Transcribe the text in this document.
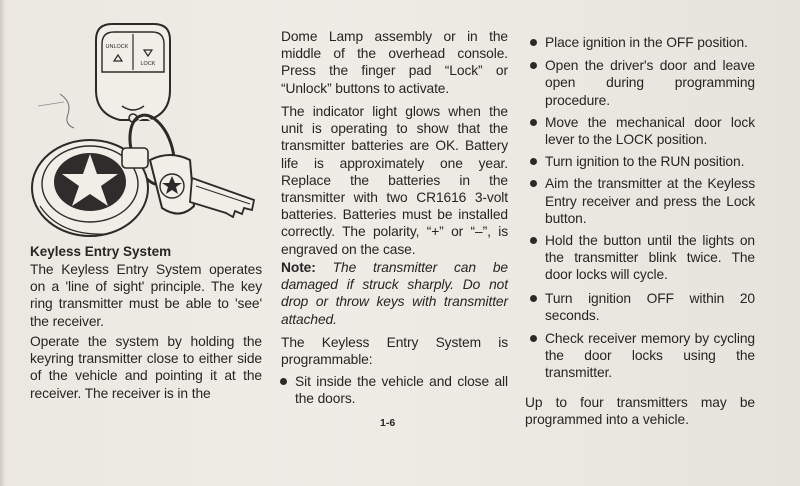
UNLOCK
LOCK
Keyless Entry System

The Keyless Entry System operates on a 'line of sight' principle. The key ring transmitter must be able to 'see' the receiver.

Operate the system by holding the keyring transmitter close to either side of the vehicle and pointing it at the receiver. The receiver is in the

Dome Lamp assembly or in the middle of the overhead console. Press the finger pad “Lock” or “Unlock” buttons to activate.

The indicator light glows when the unit is operating to show that the transmitter batteries are OK. Battery life is approximately one year. Replace the batteries in the transmitter with two CR1616 3-volt batteries. Batteries must be installed correctly. The polarity, “+” or “–”, is engraved on the case.

Note: The transmitter can be damaged if struck sharply. Do not drop or throw keys with transmitter attached.

The Keyless Entry System is programmable:

Sit inside the vehicle and close all the doors.
1-6
Place ignition in the OFF position.
Open the driver's door and leave open during programming procedure.
Move the mechanical door lock lever to the LOCK position.
Turn ignition to the RUN position.
Aim the transmitter at the Keyless Entry receiver and press the Lock button.
Hold the button until the lights on the transmitter blink twice. The door locks will cycle.
Turn ignition OFF within 20 seconds.
Check receiver memory by cycling the door locks using the transmitter.

Up to four transmitters may be programmed into a vehicle.
